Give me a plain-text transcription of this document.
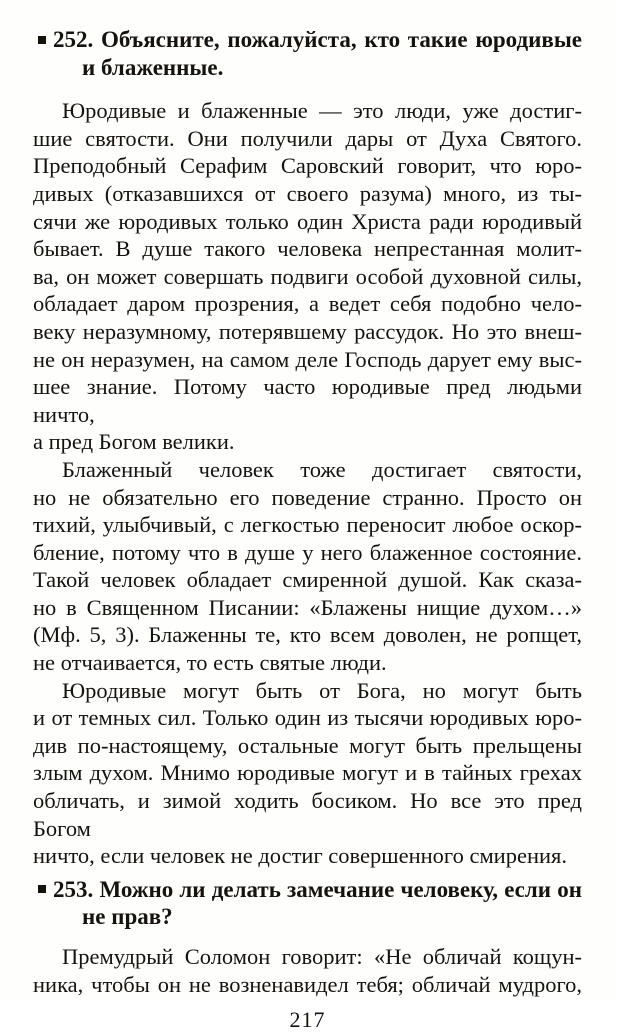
252. Объясните, пожалуйста, кто такие юродивые
и блаженные.
Юродивые и блаженные — это люди, уже достиг-
шие святости. Они получили дары от Духа Святого.
Преподобный Серафим Саровский говорит, что юро-
дивых (отказавшихся от своего разума) много, из ты-
сячи же юродивых только один Христа ради юродивый
бывает. В душе такого человека непрестанная молит-
ва, он может совершать подвиги особой духовной силы,
обладает даром прозрения, а ведет себя подобно чело-
веку неразумному, потерявшему рассудок. Но это внеш-
не он неразумен, на самом деле Господь дарует ему выс-
шее знание. Потому часто юродивые пред людьми ничто,
а пред Богом велики.
Блаженный человек тоже достигает святости,
но не обязательно его поведение странно. Просто он
тихий, улыбчивый, с легкостью переносит любое оскор-
бление, потому что в душе у него блаженное состояние.
Такой человек обладает смиренной душой. Как сказа-
но в Священном Писании: «Блажены нищие духом…»
(Мф. 5, 3). Блаженны те, кто всем доволен, не ропщет,
не отчаивается, то есть святые люди.
Юродивые могут быть от Бога, но могут быть
и от темных сил. Только один из тысячи юродивых юро-
див по-настоящему, остальные могут быть прельщены
злым духом. Мнимо юродивые могут и в тайных грехах
обличать, и зимой ходить босиком. Но все это пред Богом
ничто, если человек не достиг совершенного смирения.
253. Можно ли делать замечание человеку, если он
не прав?
Премудрый Соломон говорит: «Не обличай кощун-
ника, чтобы он не возненавидел тебя; обличай мудрого,
217
